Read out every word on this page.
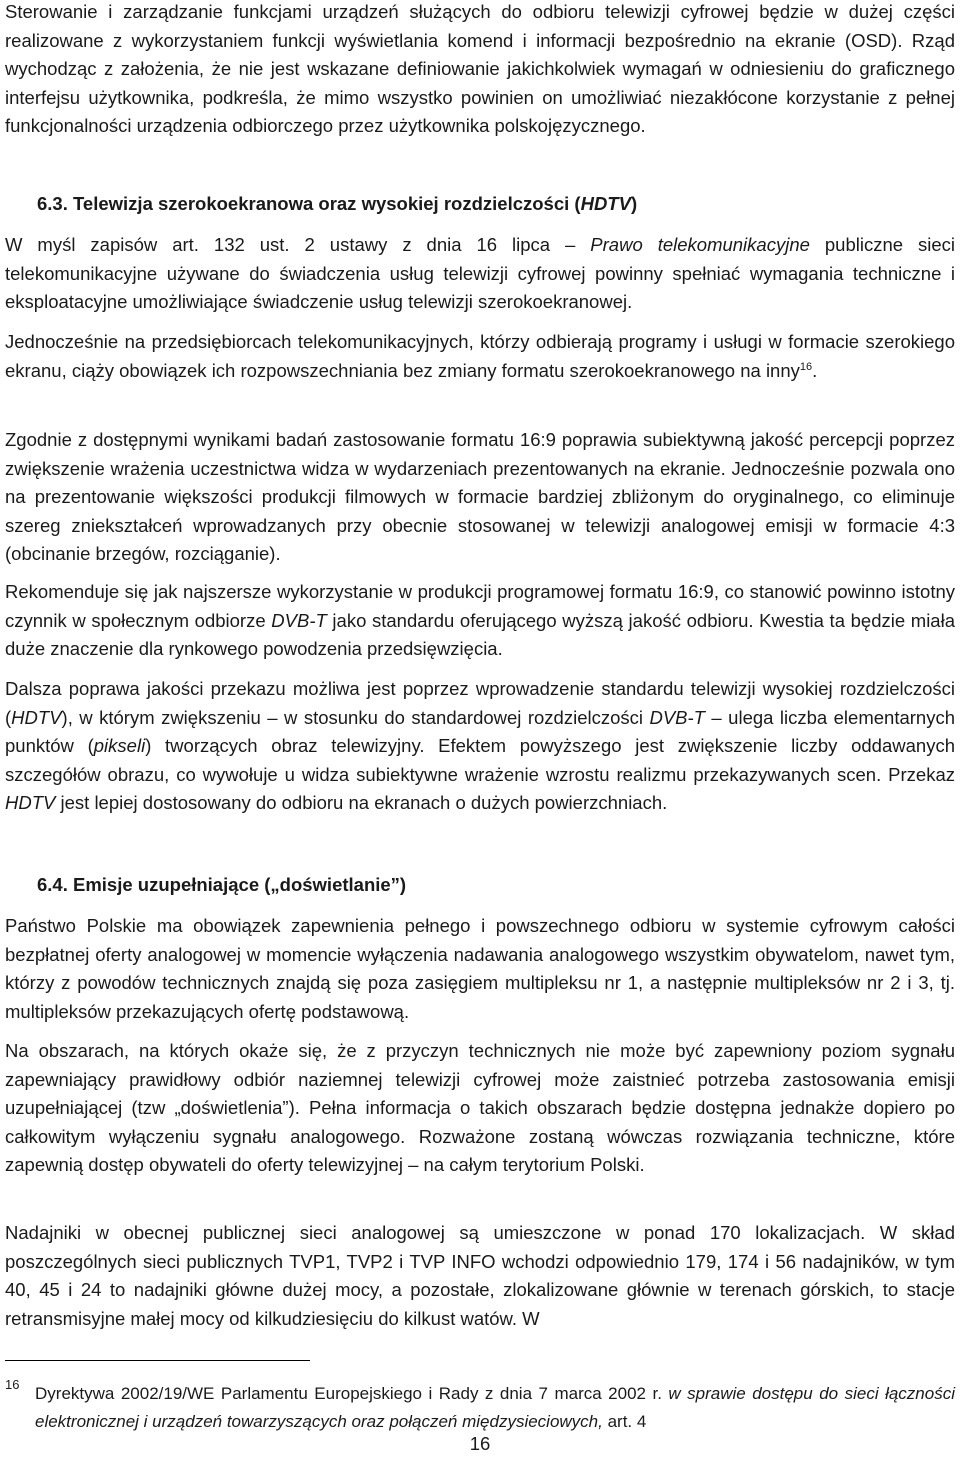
Sterowanie i zarządzanie funkcjami urządzeń służących do odbioru telewizji cyfrowej będzie w dużej części realizowane z wykorzystaniem funkcji wyświetlania komend i informacji bezpośrednio na ekranie (OSD). Rząd wychodząc z założenia, że nie jest wskazane definiowanie jakichkolwiek wymagań w odniesieniu do graficznego interfejsu użytkownika, podkreśla, że mimo wszystko powinien on umożliwiać niezakłócone korzystanie z pełnej funkcjonalności urządzenia odbiorczego przez użytkownika polskojęzycznego.

6.3. Telewizja szerokoekranowa oraz wysokiej rozdzielczości (HDTV)

W myśl zapisów art. 132 ust. 2 ustawy z dnia 16 lipca – Prawo telekomunikacyjne publiczne sieci telekomunikacyjne używane do świadczenia usług telewizji cyfrowej powinny spełniać wymagania techniczne i eksploatacyjne umożliwiające świadczenie usług telewizji szerokoekranowej.

Jednocześnie na przedsiębiorcach telekomunikacyjnych, którzy odbierają programy i usługi w formacie szerokiego ekranu, ciąży obowiązek ich rozpowszechniania bez zmiany formatu szerokoekranowego na inny$^{16}$.

Zgodnie z dostępnymi wynikami badań zastosowanie formatu 16:9 poprawia subiektywną jakość percepcji poprzez zwiększenie wrażenia uczestnictwa widza w wydarzeniach prezentowanych na ekranie. Jednocześnie pozwala ono na prezentowanie większości produkcji filmowych w formacie bardziej zbliżonym do oryginalnego, co eliminuje szereg zniekształceń wprowadzanych przy obecnie stosowanej w telewizji analogowej emisji w formacie 4:3 (obcinanie brzegów, rozciąganie).

Rekomenduje się jak najszersze wykorzystanie w produkcji programowej formatu 16:9, co stanowić powinno istotny czynnik w społecznym odbiorze DVB-T jako standardu oferującego wyższą jakość odbioru. Kwestia ta będzie miała duże znaczenie dla rynkowego powodzenia przedsięwzięcia.

Dalsza poprawa jakości przekazu możliwa jest poprzez wprowadzenie standardu telewizji wysokiej rozdzielczości (HDTV), w którym zwiększeniu – w stosunku do standardowej rozdzielczości DVB-T – ulega liczba elementarnych punktów (pikseli) tworzących obraz telewizyjny. Efektem powyższego jest zwiększenie liczby oddawanych szczegółów obrazu, co wywołuje u widza subiektywne wrażenie wzrostu realizmu przekazywanych scen. Przekaz HDTV jest lepiej dostosowany do odbioru na ekranach o dużych powierzchniach.

6.4. Emisje uzupełniające („doświetlanie”)

Państwo Polskie ma obowiązek zapewnienia pełnego i powszechnego odbioru w systemie cyfrowym całości bezpłatnej oferty analogowej w momencie wyłączenia nadawania analogowego wszystkim obywatelom, nawet tym, którzy z powodów technicznych znajdą się poza zasięgiem multipleksu nr 1, a następnie multipleksów nr 2 i 3, tj. multipleksów przekazujących ofertę podstawową.

Na obszarach, na których okaże się, że z przyczyn technicznych nie może być zapewniony poziom sygnału zapewniający prawidłowy odbiór naziemnej telewizji cyfrowej może zaistnieć potrzeba zastosowania emisji uzupełniającej (tzw „doświetlenia”). Pełna informacja o takich obszarach będzie dostępna jednakże dopiero po całkowitym wyłączeniu sygnału analogowego. Rozważone zostaną wówczas rozwiązania techniczne, które zapewnią dostęp obywateli do oferty telewizyjnej – na całym terytorium Polski.

Nadajniki w obecnej publicznej sieci analogowej są umieszczone w ponad 170 lokalizacjach. W skład poszczególnych sieci publicznych TVP1, TVP2 i TVP INFO wchodzi odpowiednio 179, 174 i 56 nadajników, w tym 40, 45 i 24 to nadajniki główne dużej mocy, a pozostałe, zlokalizowane głównie w terenach górskich, to stacje retransmisyjne małej mocy od kilkudziesięciu do kilkust watów. W

16 Dyrektywa 2002/19/WE Parlamentu Europejskiego i Rady z dnia 7 marca 2002 r. w sprawie dostępu do sieci łączności elektronicznej i urządzeń towarzyszących oraz połączeń międzysieciowych, art. 4
16
